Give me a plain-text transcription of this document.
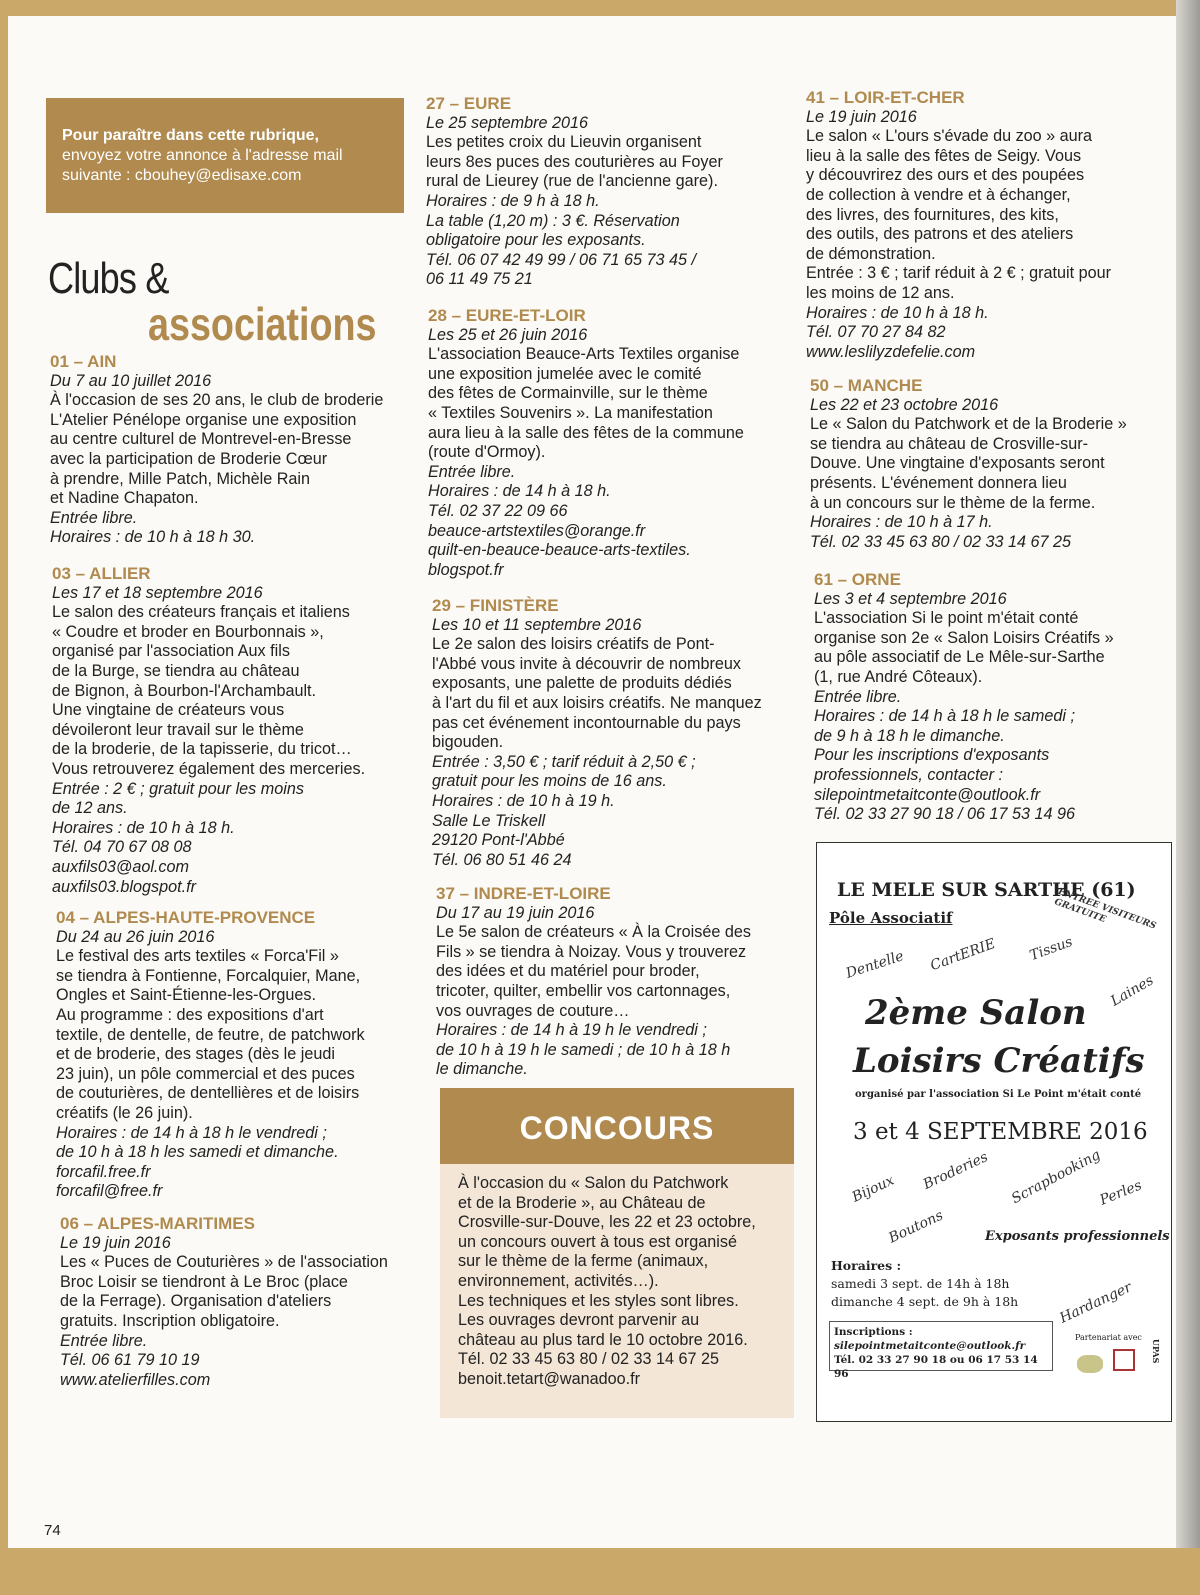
Pour paraître dans cette rubrique,
envoyez votre annonce à l'adresse mail
suivante : cbouhey@edisaxe.com
Clubs &
associations
01 – AIN
Du 7 au 10 juillet 2016
À l'occasion de ses 20 ans, le club de broderie
L'Atelier Pénélope organise une exposition
au centre culturel de Montrevel-en-Bresse
avec la participation de Broderie Cœur
à prendre, Mille Patch, Michèle Rain
et Nadine Chapaton.
Entrée libre.
Horaires : de 10 h à 18 h 30.
03 – ALLIER
Les 17 et 18 septembre 2016
Le salon des créateurs français et italiens
« Coudre et broder en Bourbonnais »,
organisé par l'association Aux fils
de la Burge, se tiendra au château
de Bignon, à Bourbon-l'Archambault.
Une vingtaine de créateurs vous
dévoileront leur travail sur le thème
de la broderie, de la tapisserie, du tricot…
Vous retrouverez également des merceries.
Entrée : 2 € ; gratuit pour les moins
de 12 ans.
Horaires : de 10 h à 18 h.
Tél. 04 70 67 08 08
auxfils03@aol.com
auxfils03.blogspot.fr
04 – ALPES-HAUTE-PROVENCE
Du 24 au 26 juin 2016
Le festival des arts textiles « Forca'Fil »
se tiendra à Fontienne, Forcalquier, Mane,
Ongles et Saint-Étienne-les-Orgues.
Au programme : des expositions d'art
textile, de dentelle, de feutre, de patchwork
et de broderie, des stages (dès le jeudi
23 juin), un pôle commercial et des puces
de couturières, de dentellières et de loisirs
créatifs (le 26 juin).
Horaires : de 14 h à 18 h le vendredi ;
de 10 h à 18 h les samedi et dimanche.
forcafil.free.fr
forcafil@free.fr
06 – ALPES-MARITIMES
Le 19 juin 2016
Les « Puces de Couturières » de l'association
Broc Loisir se tiendront à Le Broc (place
de la Ferrage). Organisation d'ateliers
gratuits. Inscription obligatoire.
Entrée libre.
Tél. 06 61 79 10 19
www.atelierfilles.com
27 – EURE
Le 25 septembre 2016
Les petites croix du Lieuvin organisent
leurs 8es puces des couturières au Foyer
rural de Lieurey (rue de l'ancienne gare).
Horaires : de 9 h à 18 h.
La table (1,20 m) : 3 €. Réservation
obligatoire pour les exposants.
Tél. 06 07 42 49 99 / 06 71 65 73 45 /
06 11 49 75 21
28 – EURE-ET-LOIR
Les 25 et 26 juin 2016
L'association Beauce-Arts Textiles organise
une exposition jumelée avec le comité
des fêtes de Cormainville, sur le thème
« Textiles Souvenirs ». La manifestation
aura lieu à la salle des fêtes de la commune
(route d'Ormoy).
Entrée libre.
Horaires : de 14 h à 18 h.
Tél. 02 37 22 09 66
beauce-artstextiles@orange.fr
quilt-en-beauce-beauce-arts-textiles.
blogspot.fr
29 – FINISTÈRE
Les 10 et 11 septembre 2016
Le 2e salon des loisirs créatifs de Pont-
l'Abbé vous invite à découvrir de nombreux
exposants, une palette de produits dédiés
à l'art du fil et aux loisirs créatifs. Ne manquez
pas cet événement incontournable du pays
bigouden.
Entrée : 3,50 € ; tarif réduit à 2,50 € ;
gratuit pour les moins de 16 ans.
Horaires : de 10 h à 19 h.
Salle Le Triskell
29120 Pont-l'Abbé
Tél. 06 80 51 46 24
37 – INDRE-ET-LOIRE
Du 17 au 19 juin 2016
Le 5e salon de créateurs « À la Croisée des
Fils » se tiendra à Noizay. Vous y trouverez
des idées et du matériel pour broder,
tricoter, quilter, embellir vos cartonnages,
vos ouvrages de couture…
Horaires : de 14 h à 19 h le vendredi ;
de 10 h à 19 h le samedi ; de 10 h à 18 h
le dimanche.
41 – LOIR-ET-CHER
Le 19 juin 2016
Le salon « L'ours s'évade du zoo » aura
lieu à la salle des fêtes de Seigy. Vous
y découvrirez des ours et des poupées
de collection à vendre et à échanger,
des livres, des fournitures, des kits,
des outils, des patrons et des ateliers
de démonstration.
Entrée : 3 € ; tarif réduit à 2 € ; gratuit pour
les moins de 12 ans.
Horaires : de 10 h à 18 h.
Tél. 07 70 27 84 82
www.leslilyzdefelie.com
50 – MANCHE
Les 22 et 23 octobre 2016
Le « Salon du Patchwork et de la Broderie »
se tiendra au château de Crosville-sur-
Douve. Une vingtaine d'exposants seront
présents. L'événement donnera lieu
à un concours sur le thème de la ferme.
Horaires : de 10 h à 17 h.
Tél. 02 33 45 63 80 / 02 33 14 67 25
61 – ORNE
Les 3 et 4 septembre 2016
L'association Si le point m'était conté
organise son 2e « Salon Loisirs Créatifs »
au pôle associatif de Le Mêle-sur-Sarthe
(1, rue André Côteaux).
Entrée libre.
Horaires : de 14 h à 18 h le samedi ;
de 9 h à 18 h le dimanche.
Pour les inscriptions d'exposants
professionnels, contacter :
silepointmetaitconte@outlook.fr
Tél. 02 33 27 90 18 / 06 17 53 14 96
CONCOURS
À l'occasion du « Salon du Patchwork
et de la Broderie », au Château de
Crosville-sur-Douve, les 22 et 23 octobre,
un concours ouvert à tous est organisé
sur le thème de la ferme (animaux,
environnement, activités…).
Les techniques et les styles sont libres.
Les ouvrages devront parvenir au
château au plus tard le 10 octobre 2016.
Tél. 02 33 45 63 80 / 02 33 14 67 25
benoit.tetart@wanadoo.fr
LE MELE SUR SARTHE (61)
Pôle Associatif	ENTREE VISITEURS GRATUITE
Dentelle CartERIE Tissus
Laines
2ème Salon
Loisirs Créatifs
organisé par l'association Si Le Point m'était conté
3 et 4 SEPTEMBRE 2016
Bijoux Broderies Scrapbooking
Perles
Boutons	Exposants professionnels
Horaires :
samedi 3 sept. de 14h à 18h
dimanche 4 sept. de 9h à 18h	Hardanger
Inscriptions :
silepointmetaitconte@outlook.fr
Tél. 02 33 27 90 18 ou 06 17 53 14 96
Partenariat avec
UPAS
74
